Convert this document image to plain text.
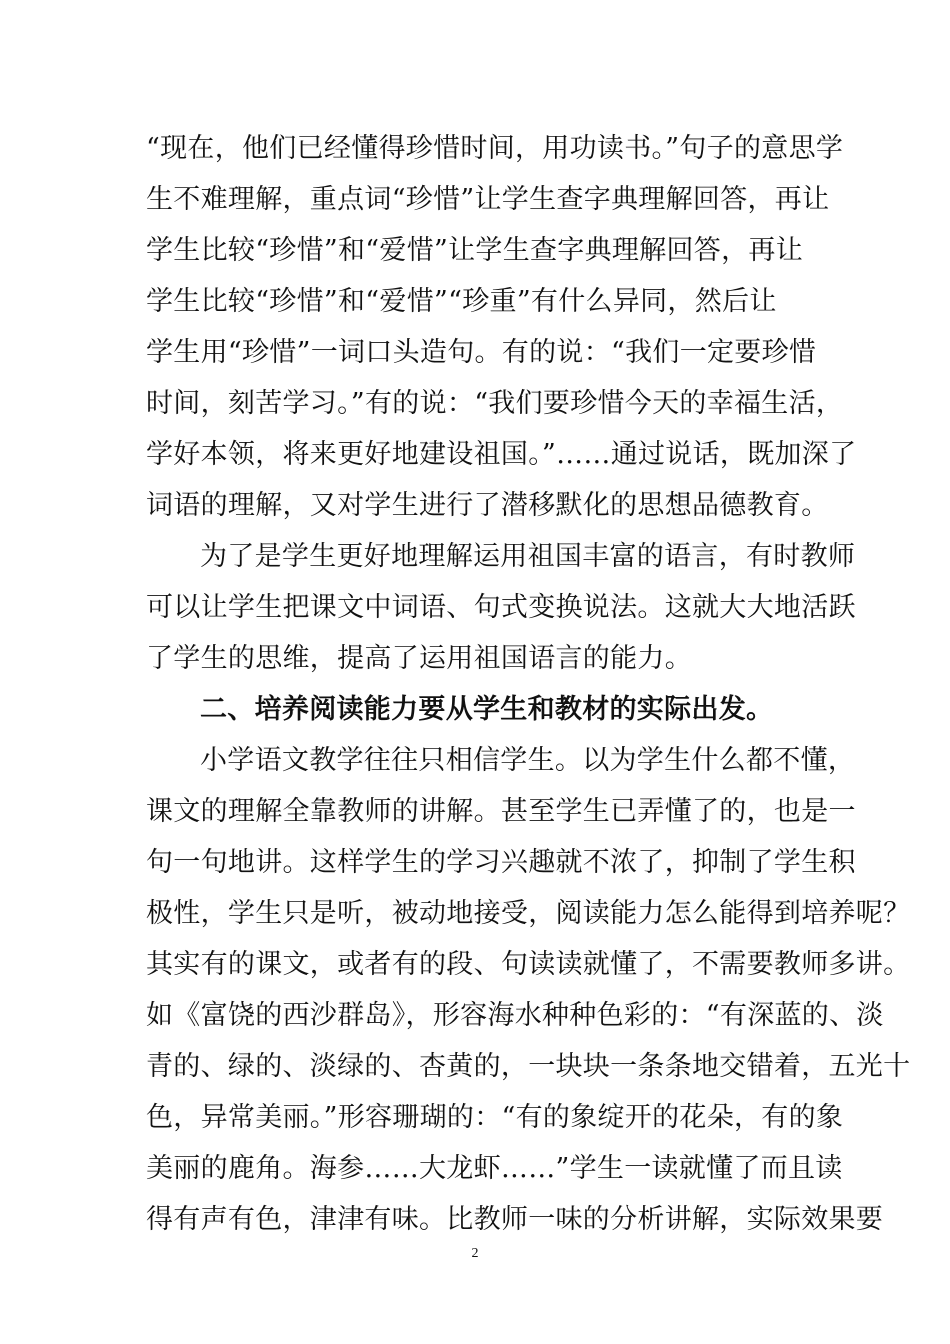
“现在，他们已经懂得珍惜时间，用功读书。”句子的意思学
生不难理解，重点词“珍惜”让学生查字典理解回答，再让
学生比较“珍惜”和“爱惜”让学生查字典理解回答，再让
学生比较“珍惜”和“爱惜”“珍重”有什么异同，然后让
学生用“珍惜”一词口头造句。有的说：“我们一定要珍惜
时间，刻苦学习。”有的说：“我们要珍惜今天的幸福生活，
学好本领，将来更好地建设祖国。”……通过说话，既加深了
词语的理解，又对学生进行了潜移默化的思想品德教育。
为了是学生更好地理解运用祖国丰富的语言，有时教师
可以让学生把课文中词语、句式变换说法。这就大大地活跃
了学生的思维，提高了运用祖国语言的能力。
二、培养阅读能力要从学生和教材的实际出发。
小学语文教学往往只相信学生。以为学生什么都不懂，
课文的理解全靠教师的讲解。甚至学生已弄懂了的，也是一
句一句地讲。这样学生的学习兴趣就不浓了，抑制了学生积
极性，学生只是听，被动地接受，阅读能力怎么能得到培养呢？
其实有的课文，或者有的段、句读读就懂了，不需要教师多讲。
如《富饶的西沙群岛》，形容海水种种色彩的：“有深蓝的、淡
青的、绿的、淡绿的、杏黄的，一块块一条条地交错着，五光十
色，异常美丽。”形容珊瑚的：“有的象绽开的花朵，有的象
美丽的鹿角。海参……大龙虾……”学生一读就懂了而且读
得有声有色，津津有味。比教师一味的分析讲解，实际效果要
2
